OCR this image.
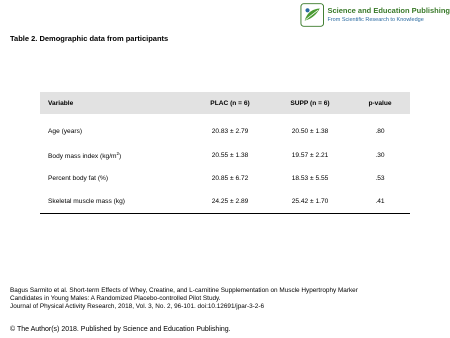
Science and Education Publishing
From Scientific Research to Knowledge
Table 2. Demographic data from participants
Variable	PLAC (n = 6)	SUPP (n = 6)	p-value
Age (years)	20.83 ± 2.79	20.50 ± 1.38	.80
Body mass index $(kg/m^2)$	20.55 ± 1.38	19.57 ± 2.21	.30
Percent body fat (%)	20.85 ± 6.72	18.53 ± 5.55	.53
Skeletal muscle mass (kg)	24.25 ± 2.89	25.42 ± 1.70	.41
Bagus Sarmito et al. Short-term Effects of Whey, Creatine, and L-carnitine Supplementation on Muscle Hypertrophy Marker
Candidates in Young Males: A Randomized Placebo-controlled Pilot Study.
Journal of Physical Activity Research, 2018, Vol. 3, No. 2, 96-101. doi:10.12691/jpar-3-2-6
© The Author(s) 2018. Published by Science and Education Publishing.
